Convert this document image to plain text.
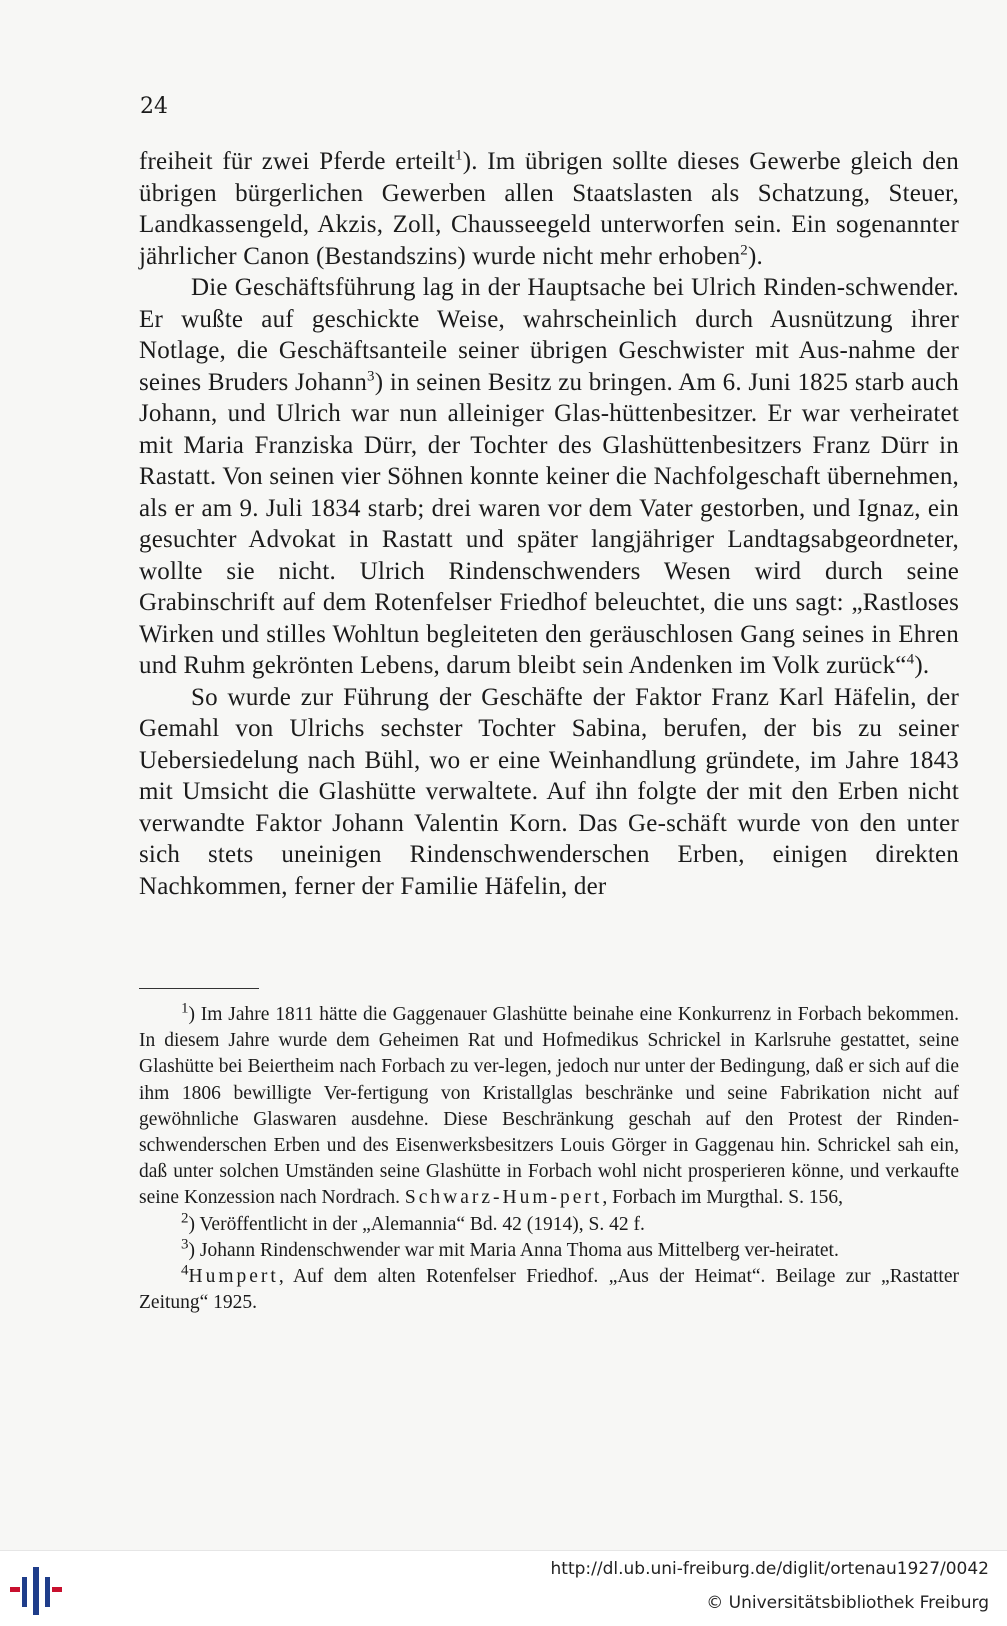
24

freiheit für zwei Pferde erteilt$^1$). Im übrigen sollte dieses Gewerbe gleich den übrigen bürgerlichen Gewerben allen Staatslasten als Schatzung, Steuer, Landkassengeld, Akzis, Zoll, Chausseegeld unterworfen sein. Ein sogenannter jährlicher Canon (Bestandszins) wurde nicht mehr erhoben$^2$).

Die Geschäftsführung lag in der Hauptsache bei Ulrich Rinden-schwender. Er wußte auf geschickte Weise, wahrscheinlich durch Ausnützung ihrer Notlage, die Geschäftsanteile seiner übrigen Geschwister mit Aus-nahme der seines Bruders Johann$^3$) in seinen Besitz zu bringen. Am 6. Juni 1825 starb auch Johann, und Ulrich war nun alleiniger Glas-hüttenbesitzer. Er war verheiratet mit Maria Franziska Dürr, der Tochter des Glashüttenbesitzers Franz Dürr in Rastatt. Von seinen vier Söhnen konnte keiner die Nachfolgeschaft übernehmen, als er am 9. Juli 1834 starb; drei waren vor dem Vater gestorben, und Ignaz, ein gesuchter Advokat in Rastatt und später langjähriger Landtagsabgeordneter, wollte sie nicht. Ulrich Rindenschwenders Wesen wird durch seine Grabinschrift auf dem Rotenfelser Friedhof beleuchtet, die uns sagt: „Rastloses Wirken und stilles Wohltun begleiteten den geräuschlosen Gang seines in Ehren und Ruhm gekrönten Lebens, darum bleibt sein Andenken im Volk zurück“$^4$).

So wurde zur Führung der Geschäfte der Faktor Franz Karl Häfelin, der Gemahl von Ulrichs sechster Tochter Sabina, berufen, der bis zu seiner Uebersiedelung nach Bühl, wo er eine Weinhandlung gründete, im Jahre 1843 mit Umsicht die Glashütte verwaltete. Auf ihn folgte der mit den Erben nicht verwandte Faktor Johann Valentin Korn. Das Ge-schäft wurde von den unter sich stets uneinigen Rindenschwenderschen Erben, einigen direkten Nachkommen, ferner der Familie Häfelin, der

$^1$) Im Jahre 1811 hätte die Gaggenauer Glashütte beinahe eine Konkurrenz in Forbach bekommen. In diesem Jahre wurde dem Geheimen Rat und Hofmedikus Schrickel in Karlsruhe gestattet, seine Glashütte bei Beiertheim nach Forbach zu ver-legen, jedoch nur unter der Bedingung, daß er sich auf die ihm 1806 bewilligte Ver-fertigung von Kristallglas beschränke und seine Fabrikation nicht auf gewöhnliche Glaswaren ausdehne. Diese Beschränkung geschah auf den Protest der Rinden-schwenderschen Erben und des Eisenwerksbesitzers Louis Görger in Gaggenau hin. Schrickel sah ein, daß unter solchen Umständen seine Glashütte in Forbach wohl nicht prosperieren könne, und verkaufte seine Konzession nach Nordrach. Schwarz-Hum-pert, Forbach im Murgthal. S. 156,

$^2$) Veröffentlicht in der „Alemannia“ Bd. 42 (1914), S. 42 f.

$^3$) Johann Rindenschwender war mit Maria Anna Thoma aus Mittelberg ver-heiratet.

$^4$Humpert, Auf dem alten Rotenfelser Friedhof. „Aus der Heimat“. Beilage zur „Rastatter Zeitung“ 1925.

http://dl.ub.uni-freiburg.de/diglit/ortenau1927/0042
© Universitätsbibliothek Freiburg
